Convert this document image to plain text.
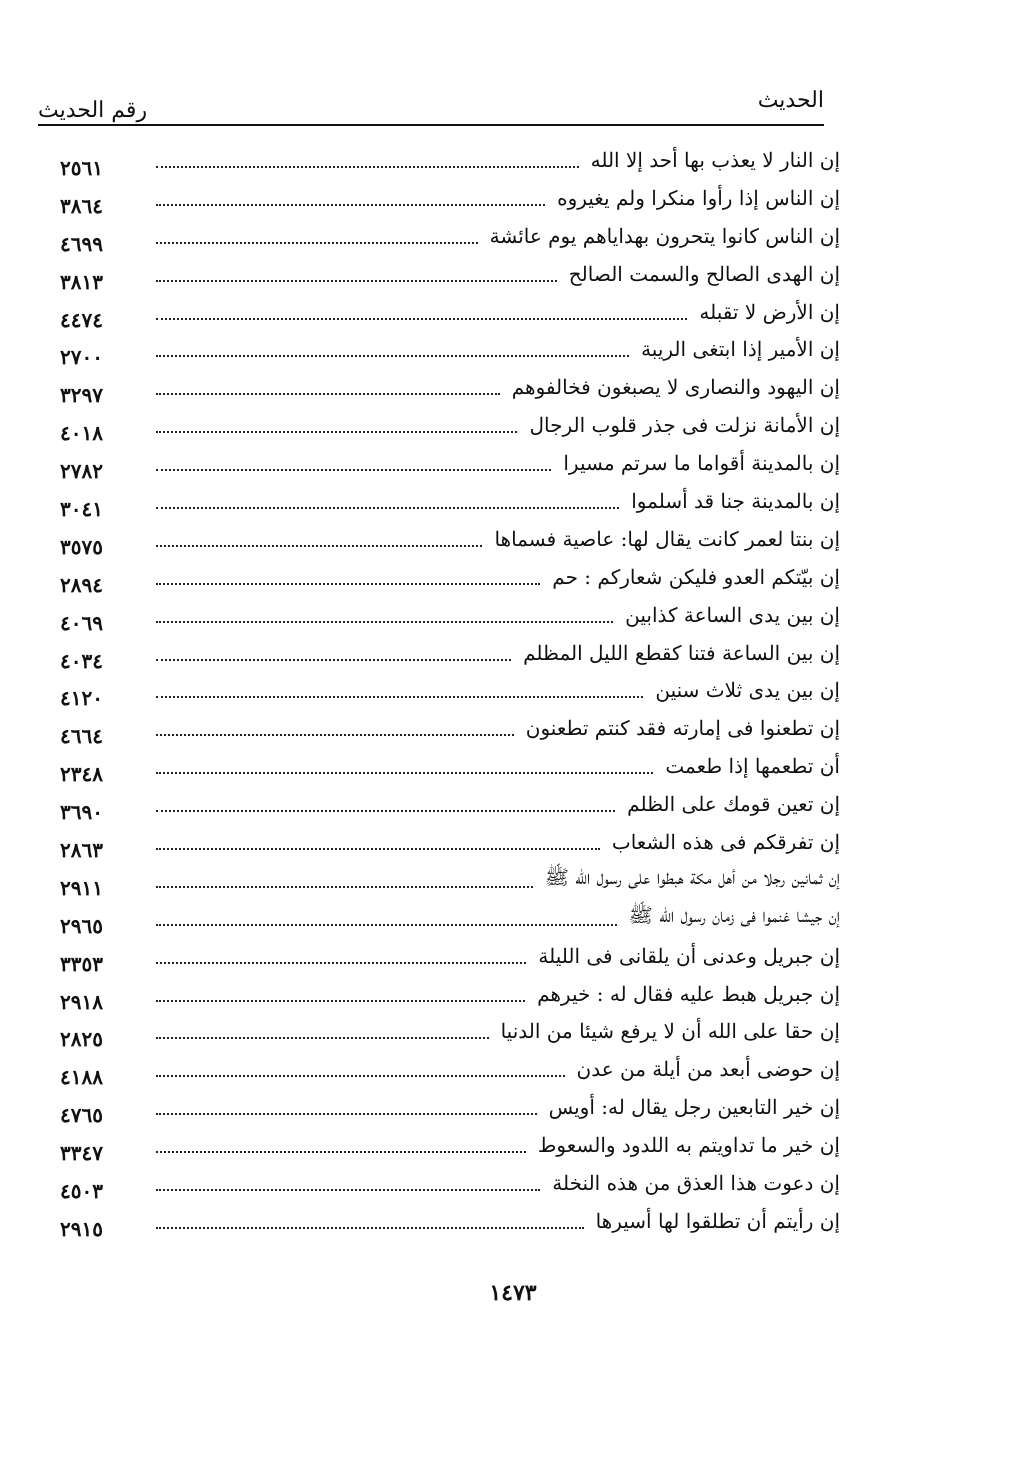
الحديث
رقم الحديث
إن النار لا يعذب بها أحد إلا الله
٢٥٦١
إن الناس إذا رأوا منكرا ولم يغيروه
٣٨٦٤
إن الناس كانوا يتحرون بهداياهم يوم عائشة
٤٦٩٩
إن الهدى الصالح والسمت الصالح
٣٨١٣
إن الأرض لا تقبله
٤٤٧٤
إن الأمير إذا ابتغى الريبة
٢٧٠٠
إن اليهود والنصارى لا يصبغون فخالفوهم
٣٢٩٧
إن الأمانة نزلت فى جذر قلوب الرجال
٤٠١٨
إن بالمدينة أقواما ما سرتم مسيرا
٢٧٨٢
إن بالمدينة جنا قد أسلموا
٣٠٤١
إن بنتا لعمر كانت يقال لها: عاصية فسماها
٣٥٧٥
إن بيّتكم العدو فليكن شعاركم : حم
٢٨٩٤
إن بين يدى الساعة كذابين
٤٠٦٩
إن بين الساعة فتنا كقطع الليل المظلم
٤٠٣٤
إن بين يدى ثلاث سنين
٤١٢٠
إن تطعنوا فى إمارته فقد كنتم تطعنون
٤٦٦٤
أن تطعمها إذا طعمت
٢٣٤٨
إن تعين قومك على الظلم
٣٦٩٠
إن تفرقكم فى هذه الشعاب
٢٨٦٣
إن ثمانين رجلا من أهل مكة هبطوا على رسول الله ﷺ
٢٩١١
إن جيشا غنموا فى زمان رسول الله ﷺ
٢٩٦٥
إن جبريل وعدنى أن يلقانى فى الليلة
٣٣٥٣
إن جبريل هبط عليه فقال له : خيرهم
٢٩١٨
إن حقا على الله أن لا يرفع شيئا من الدنيا
٢٨٢٥
إن حوضى أبعد من أيلة من عدن
٤١٨٨
إن خير التابعين رجل يقال له: أويس
٤٧٦٥
إن خير ما تداويتم به اللدود والسعوط
٣٣٤٧
إن دعوت هذا العذق من هذه النخلة
٤٥٠٣
إن رأيتم أن تطلقوا لها أسيرها
٢٩١٥
١٤٧٣
